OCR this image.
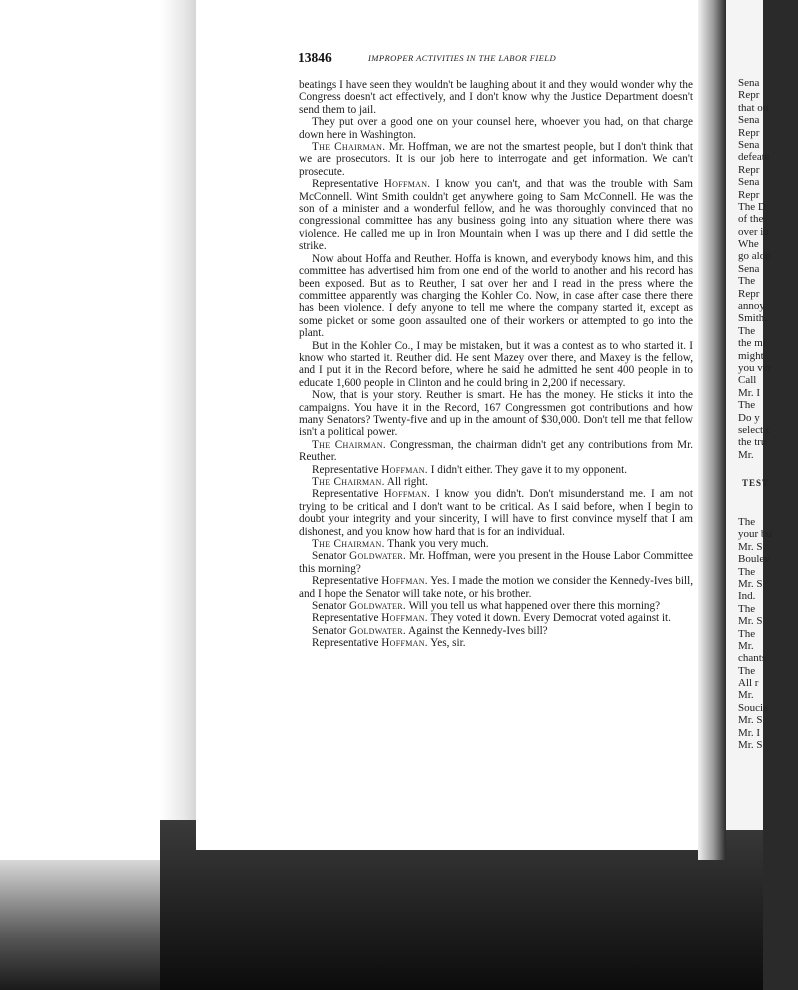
13846	IMPROPER ACTIVITIES IN THE LABOR FIELD

beatings I have seen they wouldn't be laughing about it and they would wonder why the Congress doesn't act effectively, and I don't know why the Justice Department doesn't send them to jail.

They put over a good one on your counsel here, whoever you had, on that charge down here in Washington.

The Chairman. Mr. Hoffman, we are not the smartest people, but I don't think that we are prosecutors. It is our job here to interrogate and get information. We can't prosecute.

Representative Hoffman. I know you can't, and that was the trouble with Sam McConnell. Wint Smith couldn't get anywhere going to Sam McConnell. He was the son of a minister and a wonderful fellow, and he was thoroughly convinced that no congressional committee has any business going into any situation where there was violence. He called me up in Iron Mountain when I was up there and I did settle the strike.

Now about Hoffa and Reuther. Hoffa is known, and everybody knows him, and this committee has advertised him from one end of the world to another and his record has been exposed. But as to Reuther, I sat over her and I read in the press where the committee apparently was charging the Kohler Co. Now, in case after case there there has been violence. I defy anyone to tell me where the company started it, except as some picket or some goon assaulted one of their workers or attempted to go into the plant.

But in the Kohler Co., I may be mistaken, but it was a contest as to who started it. I know who started it. Reuther did. He sent Mazey over there, and Maxey is the fellow, and I put it in the Record before, where he said he admitted he sent 400 people in to educate 1,600 people in Clinton and he could bring in 2,200 if necessary.

Now, that is your story. Reuther is smart. He has the money. He sticks it into the campaigns. You have it in the Record, 167 Congressmen got contributions and how many Senators? Twenty-five and up in the amount of $30,000. Don't tell me that fellow isn't a political power.

The Chairman. Congressman, the chairman didn't get any contributions from Mr. Reuther.

Representative Hoffman. I didn't either. They gave it to my opponent.

The Chairman. All right.

Representative Hoffman. I know you didn't. Don't misunderstand me. I am not trying to be critical and I don't want to be critical. As I said before, when I begin to doubt your integrity and your sincerity, I will have to first convince myself that I am dishonest, and you know how hard that is for an individual.

The Chairman. Thank you very much.

Senator Goldwater. Mr. Hoffman, were you present in the House Labor Committee this morning?

Representative Hoffman. Yes. I made the motion we consider the Kennedy-Ives bill, and I hope the Senator will take note, or his brother.

Senator Goldwater. Will you tell us what happened over there this morning?

Representative Hoffman. They voted it down. Every Democrat voted against it.

Senator Goldwater. Against the Kennedy-Ives bill?

Representative Hoffman. Yes, sir.

Sena
Repr
that on
Sena
Repr
Sena
defeate
Repr
Sena
Repr
The D
of the
over in
Whe
go alon
Sena
The
Repr
annoy
Smith.
The
the mi
might
you ver
Call
Mr. I
The
Do y
select c
the tru
Mr.
TEST
The
your bu
Mr. S
Boulev
The
Mr. S
Ind.
The
Mr. S
The
Mr.
chants
The
All r
Mr.
Soucie
Mr. S
Mr. I
Mr. S
